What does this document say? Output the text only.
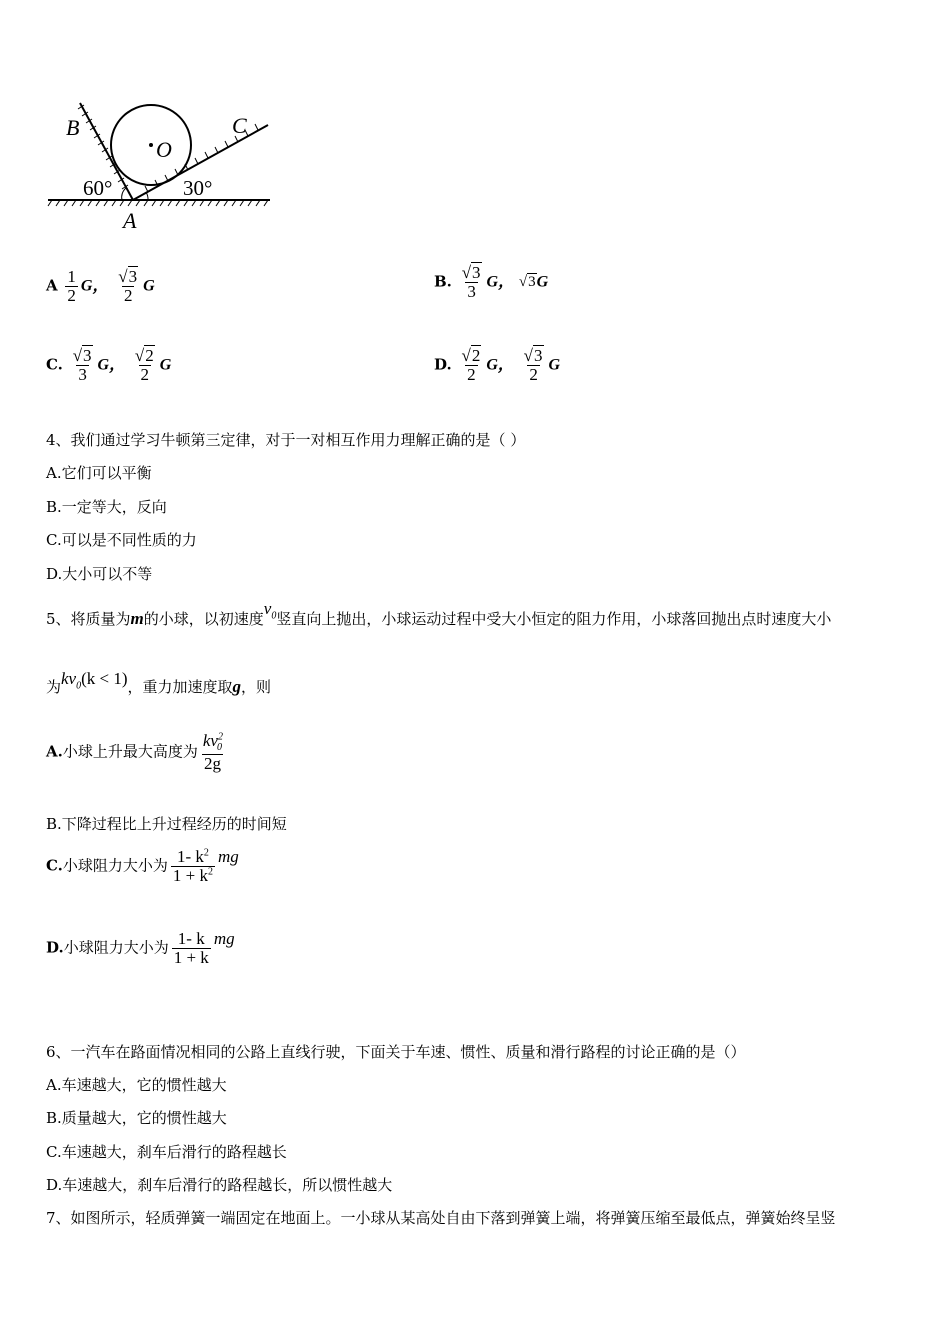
B	C
O
A
60°	30°
A $\frac{1}{2}$ G， $\frac{√3}{2}$ G	B. $\frac{√3}{3}$ G， √3G
C. $\frac{√3}{3}$ G， $\frac{√2}{2}$ G	D. $\frac{√2}{2}$ G， $\frac{√3}{2}$ G
4、我们通过学习牛顿第三定律，对于一对相互作用力理解正确的是（ ）
A.它们可以平衡
B.一定等大，反向
C.可以是不同性质的力
D.大小可以不等
5、将质量为m的小球，以初速度$v_0$竖直向上抛出，小球运动过程中受大小恒定的阻力作用，小球落回抛出点时速度大小
为$kv_0(k < 1)$，重力加速度取g，则
A.小球上升最大高度为 $\frac{kv^2_0}{2g}$
B.下降过程比上升过程经历的时间短
C.小球阻力大小为 $\frac{1- k^2}{1 + k^2}$ mg
D.小球阻力大小为 $\frac{1- k}{1 + k}$ mg
6、一汽车在路面情况相同的公路上直线行驶，下面关于车速、惯性、质量和滑行路程的讨论正确的是（）
A.车速越大，它的惯性越大
B.质量越大，它的惯性越大
C.车速越大，刹车后滑行的路程越长
D.车速越大，刹车后滑行的路程越长，所以惯性越大
7、如图所示，轻质弹簧一端固定在地面上。一小球从某高处自由下落到弹簧上端，将弹簧压缩至最低点，弹簧始终呈竖
